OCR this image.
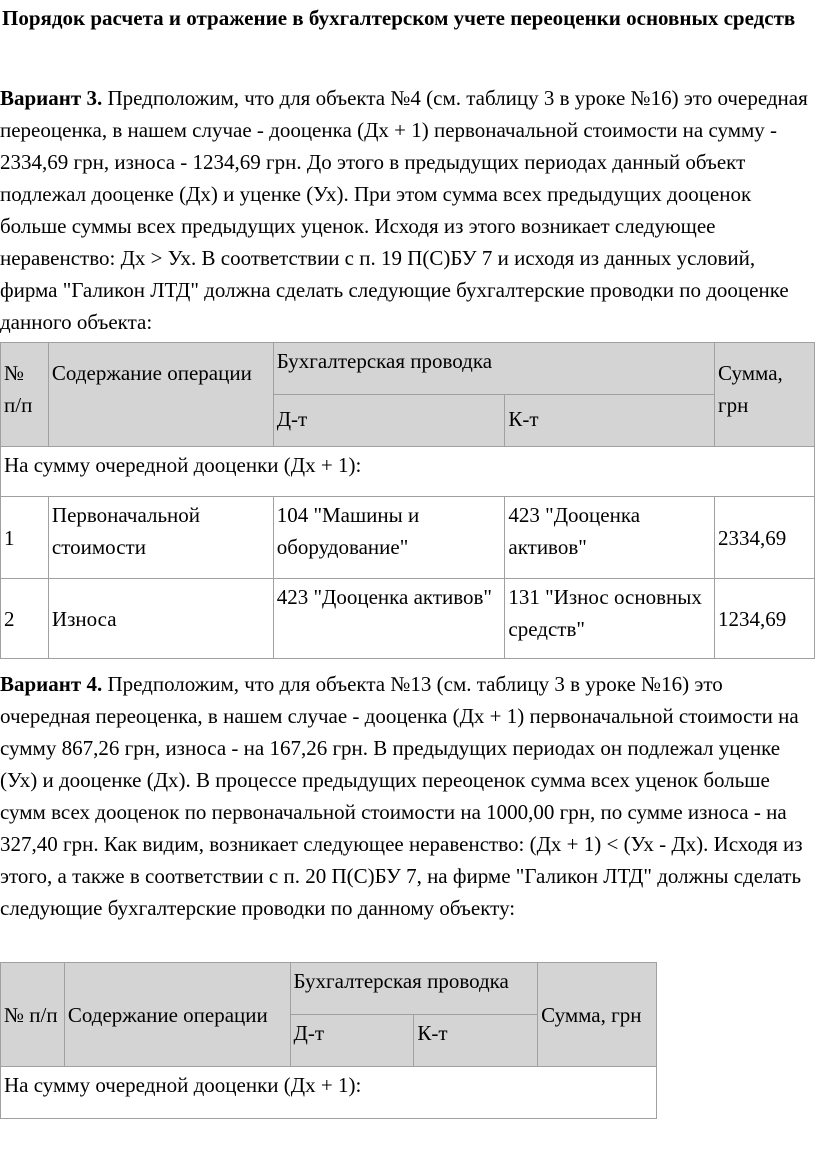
Порядок расчета и отражение в бухгалтерском учете переоценки основных средств

Вариант 3. Предположим, что для объекта №4 (см. таблицу 3 в уроке №16) это очередная переоценка, в нашем случае - дооценка (Дх + 1) первоначальной стоимости на сумму - 2334,69 грн, износа - 1234,69 грн. До этого в предыдущих периодах данный объект подлежал дооценке (Дх) и уценке (Ух). При этом сумма всех предыдущих дооценок больше суммы всех предыдущих уценок. Исходя из этого возникает следующее неравенство: Дх > Ух. В соответствии с п. 19 П(С)БУ 7 и исходя из данных условий, фирма "Галикон ЛТД" должна сделать следующие бухгалтерские проводки по дооценке данного объекта:

№ п/п	Содержание операции	Бухгалтерская проводка		Сумма, грн
		Д-т	К-т	
На сумму очередной дооценки (Дх + 1):				
1	Первоначальной стоимости	104 "Машины и оборудование"	423 "Дооценка активов"	2334,69
2	Износа	423 "Дооценка активов"	131 "Износ основных средств"	1234,69

Вариант 4. Предположим, что для объекта №13 (см. таблицу 3 в уроке №16) это очередная переоценка, в нашем случае - дооценка (Дх + 1) первоначальной стоимости на сумму 867,26 грн, износа - на 167,26 грн. В предыдущих периодах он подлежал уценке (Ух) и дооценке (Дх). В процессе предыдущих переоценок сумма всех уценок больше сумм всех дооценок по первоначальной стоимости на 1000,00 грн, по сумме износа - на 327,40 грн. Как видим, возникает следующее неравенство: (Дх + 1) < (Ух - Дх). Исходя из этого, а также в соответствии с п. 20 П(С)БУ 7, на фирме "Галикон ЛТД" должны сделать следующие бухгалтерские проводки по данному объекту:

№ п/п	Содержание операции	Бухгалтерская проводка		Сумма, грн
		Д-т	К-т	
На сумму очередной дооценки (Дх + 1):				
